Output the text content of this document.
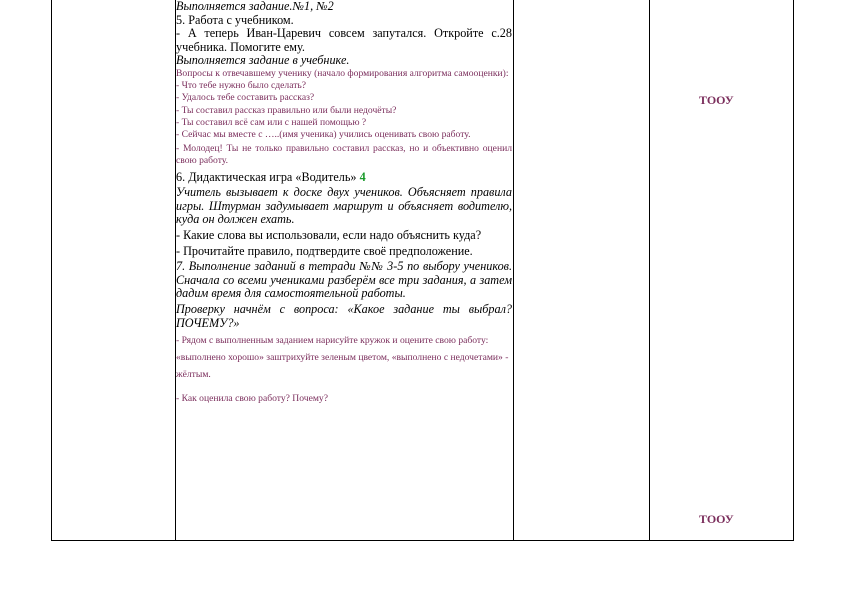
Выполняется задание.№1, №2

5. Работа с учебником.

- А теперь Иван-Царевич совсем запутался. Откройте с.28 учебника. Помогите ему.

Выполняется задание в учебнике.

Вопросы к отвечавшему ученику (начало формирования алгоритма самооценки):

- Что тебе нужно было сделать?

- Удалось тебе составить рассказ?

- Ты составил рассказ правильно или были недочёты?

- Ты составил всё сам или с нашей помощью ?

- Сейчас мы вместе с …..(имя ученика) учились оценивать свою работу.

- Молодец! Ты не только правильно составил рассказ, но и объективно оценил свою работу.

6. Дидактическая игра «Водитель» 4

Учитель вызывает к доске двух учеников. Объясняет правила игры. Штурман задумывает маршрут и объясняет водителю, куда он должен ехать.

- Какие слова вы использовали, если надо объяснить куда?

- Прочитайте правило, подтвердите своё предположение.

7. Выполнение заданий в тетради №№ 3-5 по выбору учеников. Сначала со всеми учениками разберём все три задания, а затем дадим время для самостоятельной работы.

Проверку начнём с вопроса: «Какое задание ты выбрал? ПОЧЕМУ?»

- Рядом с выполненным заданием нарисуйте кружок и оцените свою работу: «выполнено хорошо» заштрихуйте зеленым цветом, «выполнено с недочетами» - жёлтым.

- Как оценила свою работу? Почему?

ТООУ
ТООУ
